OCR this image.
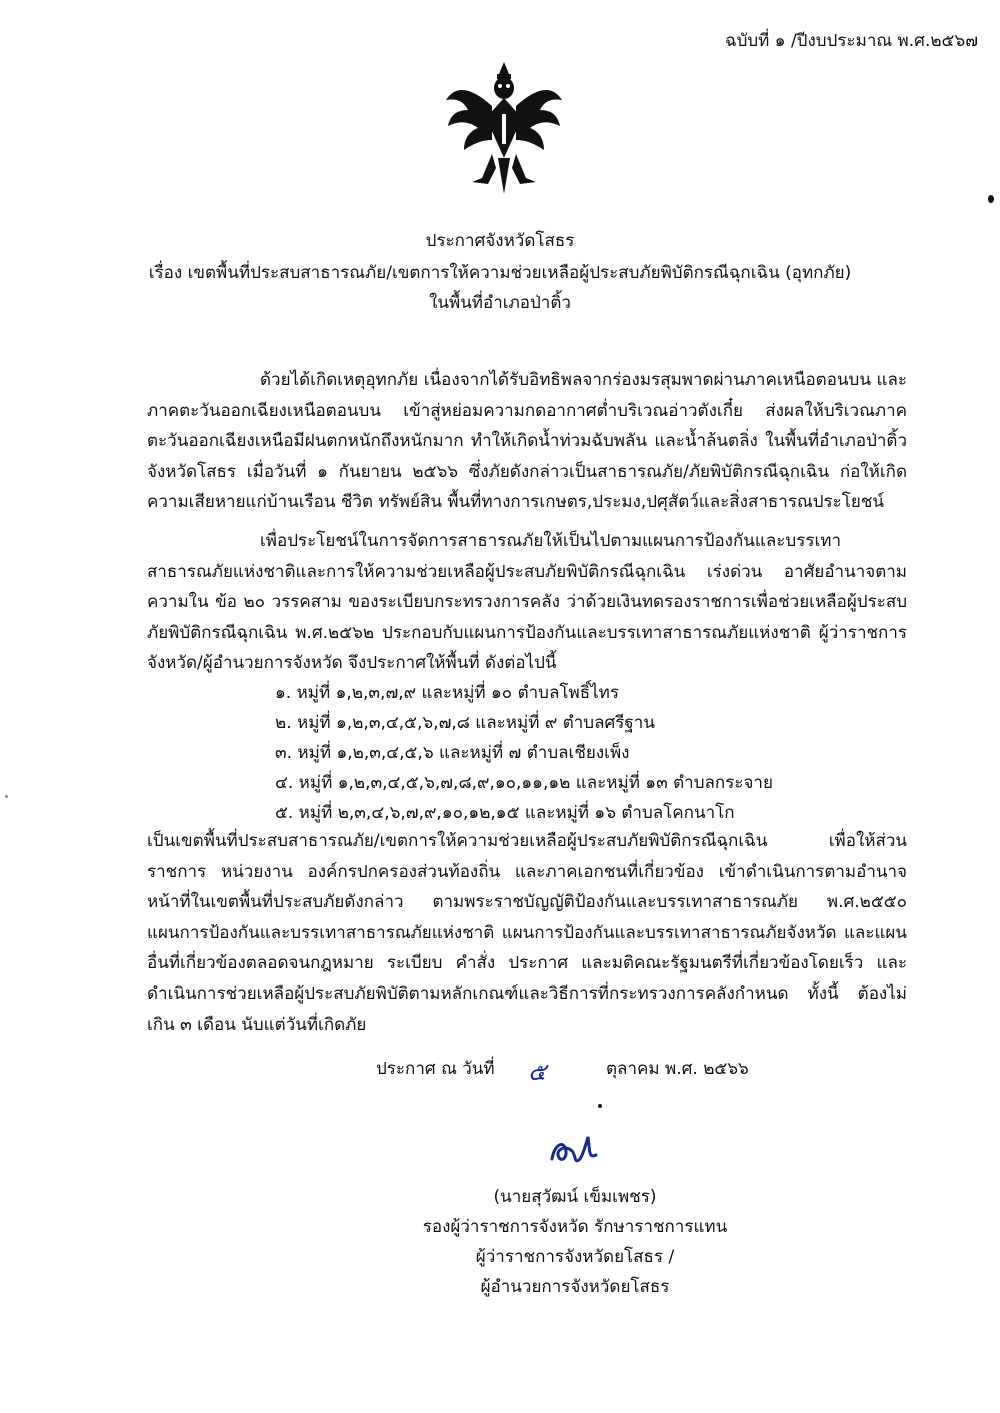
ฉบับที่ ๑ /ปีงบประมาณ พ.ศ.๒๕๖๗

ประกาศจังหวัดโสธร

เรื่อง เขตพื้นที่ประสบสาธารณภัย/เขตการให้ความช่วยเหลือผู้ประสบภัยพิบัติกรณีฉุกเฉิน (อุทกภัย)

ในพื้นที่อำเภอป่าติ้ว

ด้วยได้เกิดเหตุอุทกภัย เนื่องจากได้รับอิทธิพลจากร่องมรสุมพาดผ่านภาคเหนือตอนบน และภาคตะวันออกเฉียงเหนือตอนบน เข้าสู่หย่อมความกดอากาศต่ำบริเวณอ่าวตังเกี๋ย ส่งผลให้บริเวณภาคตะวันออกเฉียงเหนือมีฝนตกหนักถึงหนักมาก ทำให้เกิดน้ำท่วมฉับพลัน และน้ำล้นตลิ่ง ในพื้นที่อำเภอป่าติ้ว จังหวัดโสธร เมื่อวันที่ ๑ กันยายน ๒๕๖๖ ซึ่งภัยดังกล่าวเป็นสาธารณภัย/ภัยพิบัติกรณีฉุกเฉิน ก่อให้เกิดความเสียหายแก่บ้านเรือน ชีวิต ทรัพย์สิน พื้นที่ทางการเกษตร,ประมง,ปศุสัตว์และสิ่งสาธารณประโยชน์

เพื่อประโยชน์ในการจัดการสาธารณภัยให้เป็นไปตามแผนการป้องกันและบรรเทาสาธารณภัยแห่งชาติและการให้ความช่วยเหลือผู้ประสบภัยพิบัติกรณีฉุกเฉิน เร่งด่วน อาศัยอำนาจตามความใน ข้อ ๒๐ วรรคสาม ของระเบียบกระทรวงการคลัง ว่าด้วยเงินทดรองราชการเพื่อช่วยเหลือผู้ประสบภัยพิบัติกรณีฉุกเฉิน พ.ศ.๒๕๖๒ ประกอบกับแผนการป้องกันและบรรเทาสาธารณภัยแห่งชาติ ผู้ว่าราชการจังหวัด/ผู้อำนวยการจังหวัด จึงประกาศให้พื้นที่ ดังต่อไปนี้

๑. หมู่ที่ ๑,๒,๓,๗,๙ และหมู่ที่ ๑๐ ตำบลโพธิ์ไทร

๒. หมู่ที่ ๑,๒,๓,๔,๕,๖,๗,๘ และหมู่ที่ ๙ ตำบลศรีฐาน

๓. หมู่ที่ ๑,๒,๓,๔,๕,๖ และหมู่ที่ ๗ ตำบลเชียงเพ็ง

๔. หมู่ที่ ๑,๒,๓,๔,๕,๖,๗,๘,๙,๑๐,๑๑,๑๒ และหมู่ที่ ๑๓ ตำบลกระจาย

๕. หมู่ที่ ๒,๓,๔,๖,๗,๙,๑๐,๑๒,๑๕ และหมู่ที่ ๑๖ ตำบลโคกนาโก

เป็นเขตพื้นที่ประสบสาธารณภัย/เขตการให้ความช่วยเหลือผู้ประสบภัยพิบัติกรณีฉุกเฉิน เพื่อให้ส่วนราชการ หน่วยงาน องค์กรปกครองส่วนท้องถิ่น และภาคเอกชนที่เกี่ยวข้อง เข้าดำเนินการตามอำนาจหน้าที่ในเขตพื้นที่ประสบภัยดังกล่าว ตามพระราชบัญญัติป้องกันและบรรเทาสาธารณภัย พ.ศ.๒๕๕๐ แผนการป้องกันและบรรเทาสาธารณภัยแห่งชาติ แผนการป้องกันและบรรเทาสาธารณภัยจังหวัด และแผนอื่นที่เกี่ยวข้องตลอดจนกฎหมาย ระเบียบ คำสั่ง ประกาศ และมติคณะรัฐมนตรีที่เกี่ยวข้องโดยเร็ว และดำเนินการช่วยเหลือผู้ประสบภัยพิบัติตามหลักเกณฑ์และวิธีการที่กระทรวงการคลังกำหนด ทั้งนี้ ต้องไม่เกิน ๓ เดือน นับแต่วันที่เกิดภัย

ประกาศ ณ วันที่ ๕	ตุลาคม พ.ศ. ๒๕๖๖

(นายสุวัฒน์ เข็มเพชร)

รองผู้ว่าราชการจังหวัด รักษาราชการแทน

ผู้ว่าราชการจังหวัดยโสธร /

ผู้อำนวยการจังหวัดยโสธร
